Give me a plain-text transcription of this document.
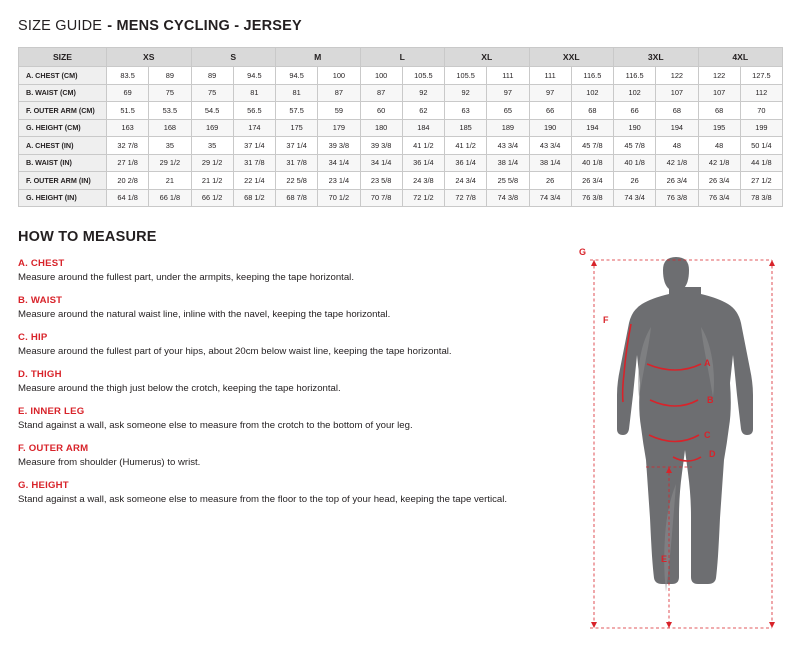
SIZE GUIDE - MENS CYCLING - JERSEY
SIZE	XS		S		M		L		XL		XXL		3XL		4XL	
A. CHEST (CM)	83.5	89	89	94.5	94.5	100	100	105.5	105.5	111	111	116.5	116.5	122	122	127.5
B. WAIST (CM)	69	75	75	81	81	87	87	92	92	97	97	102	102	107	107	112
F. OUTER ARM (CM)	51.5	53.5	54.5	56.5	57.5	59	60	62	63	65	66	68	66	68	68	70
G. HEIGHT (CM)	163	168	169	174	175	179	180	184	185	189	190	194	190	194	195	199
A. CHEST (IN)	32 7/8	35	35	37 1/4	37 1/4	39 3/8	39 3/8	41 1/2	41 1/2	43 3/4	43 3/4	45 7/8	45 7/8	48	48	50 1/4
B. WAIST (IN)	27 1/8	29 1/2	29 1/2	31 7/8	31 7/8	34 1/4	34 1/4	36 1/4	36 1/4	38 1/4	38 1/4	40 1/8	40 1/8	42 1/8	42 1/8	44 1/8
F. OUTER ARM (IN)	20 2/8	21	21 1/2	22 1/4	22 5/8	23 1/4	23 5/8	24 3/8	24 3/4	25 5/8	26	26 3/4	26	26 3/4	26 3/4	27 1/2
G. HEIGHT (IN)	64 1/8	66 1/8	66 1/2	68 1/2	68 7/8	70 1/2	70 7/8	72 1/2	72 7/8	74 3/8	74 3/4	76 3/8	74 3/4	76 3/8	76 3/4	78 3/8
HOW TO MEASURE
A. CHEST
Measure around the fullest part, under the armpits, keeping the tape horizontal.
B. WAIST
Measure around the natural waist line, inline with the navel, keeping the tape horizontal.
C. HIP
Measure around the fullest part of your hips, about 20cm below waist line, keeping the tape horizontal.
D. THIGH
Measure around the thigh just below the crotch, keeping the tape horizontal.
E. INNER LEG
Stand against a wall, ask someone else to measure from the crotch to the bottom of your leg.
F. OUTER ARM
Measure from shoulder (Humerus) to wrist.
G. HEIGHT
Stand against a wall, ask someone else to measure from the floor to the top of your head, keeping the tape vertical.
G
F
A
B
C
D
E
